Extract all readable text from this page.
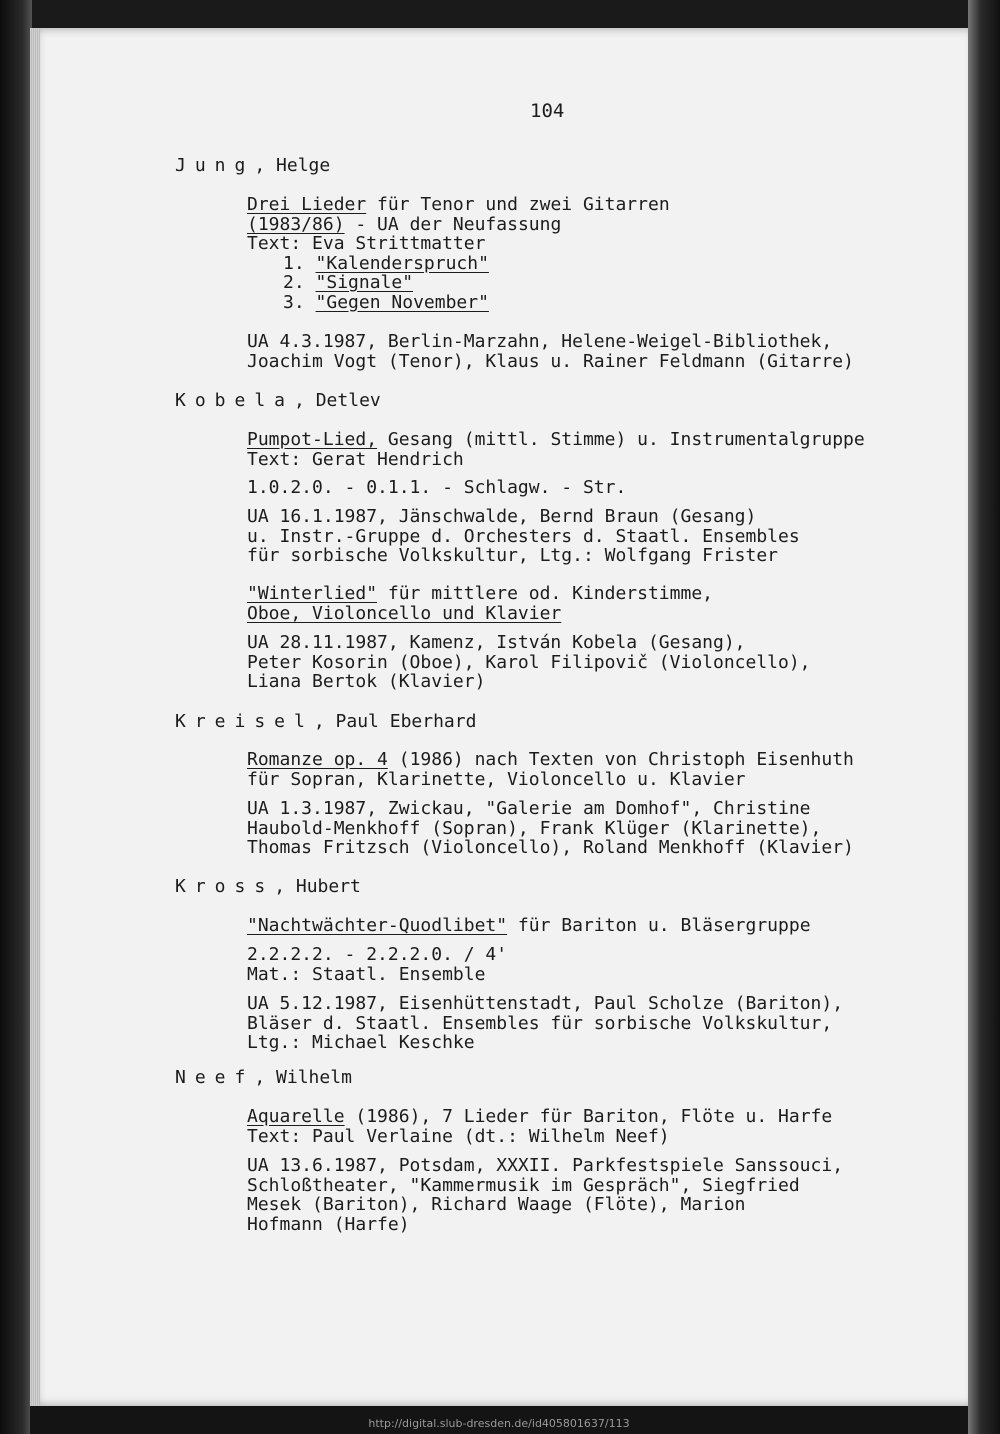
104
Jung, Helge
Drei Lieder für Tenor und zwei Gitarren
(1983/86) - UA der Neufassung
Text: Eva Strittmatter
1. "Kalenderspruch"
2. "Signale"
3. "Gegen November"
UA 4.3.1987, Berlin-Marzahn, Helene-Weigel-Bibliothek,
Joachim Vogt (Tenor), Klaus u. Rainer Feldmann (Gitarre)
Kobela, Detlev
Pumpot-Lied, Gesang (mittl. Stimme) u. Instrumentalgruppe
Text: Gerat Hendrich
1.0.2.0. - 0.1.1. - Schlagw. - Str.
UA 16.1.1987, Jänschwalde, Bernd Braun (Gesang)
u. Instr.-Gruppe d. Orchesters d. Staatl. Ensembles
für sorbische Volkskultur, Ltg.: Wolfgang Frister
"Winterlied" für mittlere od. Kinderstimme,
Oboe, Violoncello und Klavier
UA 28.11.1987, Kamenz, István Kobela (Gesang),
Peter Kosorin (Oboe), Karol Filipovič (Violoncello),
Liana Bertok (Klavier)
Kreisel, Paul Eberhard
Romanze op. 4 (1986) nach Texten von Christoph Eisenhuth
für Sopran, Klarinette, Violoncello u. Klavier
UA 1.3.1987, Zwickau, "Galerie am Domhof", Christine
Haubold-Menkhoff (Sopran), Frank Klüger (Klarinette),
Thomas Fritzsch (Violoncello), Roland Menkhoff (Klavier)
Kross, Hubert
"Nachtwächter-Quodlibet" für Bariton u. Bläsergruppe
2.2.2.2. - 2.2.2.0. / 4'
Mat.: Staatl. Ensemble
UA 5.12.1987, Eisenhüttenstadt, Paul Scholze (Bariton),
Bläser d. Staatl. Ensembles für sorbische Volkskultur,
Ltg.: Michael Keschke
Neef, Wilhelm
Aquarelle (1986), 7 Lieder für Bariton, Flöte u. Harfe
Text: Paul Verlaine (dt.: Wilhelm Neef)
UA 13.6.1987, Potsdam, XXXII. Parkfestspiele Sanssouci,
Schloßtheater, "Kammermusik im Gespräch", Siegfried
Mesek (Bariton), Richard Waage (Flöte), Marion
Hofmann (Harfe)
http://digital.slub-dresden.de/id405801637/113
